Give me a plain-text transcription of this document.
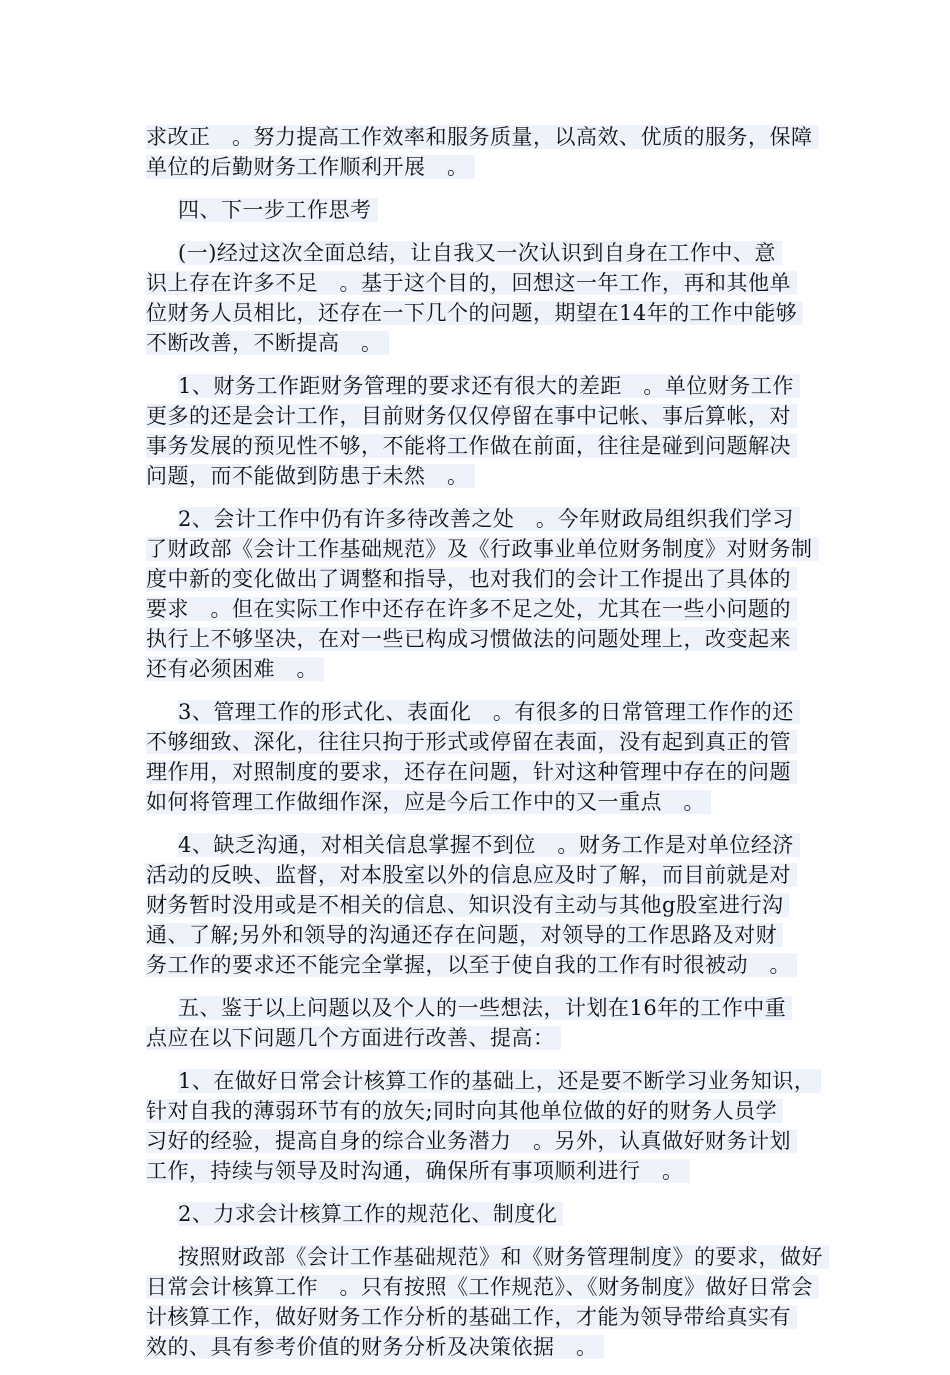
求改正　。努力提高工作效率和服务质量，以高效、优质的服务，保障
单位的后勤财务工作顺利开展　。

四、下一步工作思考

(一)经过这次全面总结，让自我又一次认识到自身在工作中、意
识上存在许多不足　。基于这个目的，回想这一年工作，再和其他单
位财务人员相比，还存在一下几个的问题，期望在14年的工作中能够
不断改善，不断提高　。

1、财务工作距财务管理的要求还有很大的差距　。单位财务工作
更多的还是会计工作，目前财务仅仅停留在事中记帐、事后算帐，对
事务发展的预见性不够，不能将工作做在前面，往往是碰到问题解决
问题，而不能做到防患于未然　。

2、会计工作中仍有许多待改善之处　。今年财政局组织我们学习
了财政部《会计工作基础规范》及《行政事业单位财务制度》对财务制
度中新的变化做出了调整和指导，也对我们的会计工作提出了具体的
要求　。但在实际工作中还存在许多不足之处，尤其在一些小问题的
执行上不够坚决，在对一些已构成习惯做法的问题处理上，改变起来
还有必须困难　。

3、管理工作的形式化、表面化　。有很多的日常管理工作作的还
不够细致、深化，往往只拘于形式或停留在表面，没有起到真正的管
理作用，对照制度的要求，还存在问题，针对这种管理中存在的问题
如何将管理工作做细作深，应是今后工作中的又一重点　。

4、缺乏沟通，对相关信息掌握不到位　。财务工作是对单位经济
活动的反映、监督，对本股室以外的信息应及时了解，而目前就是对
财务暂时没用或是不相关的信息、知识没有主动与其他g股室进行沟
通、了解;另外和领导的沟通还存在问题，对领导的工作思路及对财
务工作的要求还不能完全掌握，以至于使自我的工作有时很被动　。

五、鉴于以上问题以及个人的一些想法，计划在16年的工作中重
点应在以下问题几个方面进行改善、提高：

1、在做好日常会计核算工作的基础上，还是要不断学习业务知识，
针对自我的薄弱环节有的放矢;同时向其他单位做的好的财务人员学
习好的经验，提高自身的综合业务潜力　。另外，认真做好财务计划
工作，持续与领导及时沟通，确保所有事项顺利进行　。

2、力求会计核算工作的规范化、制度化

按照财政部《会计工作基础规范》和《财务管理制度》的要求，做好
日常会计核算工作　。只有按照《工作规范》、《财务制度》做好日常会
计核算工作，做好财务工作分析的基础工作，才能为领导带给真实有
效的、具有参考价值的财务分析及决策依据　。
